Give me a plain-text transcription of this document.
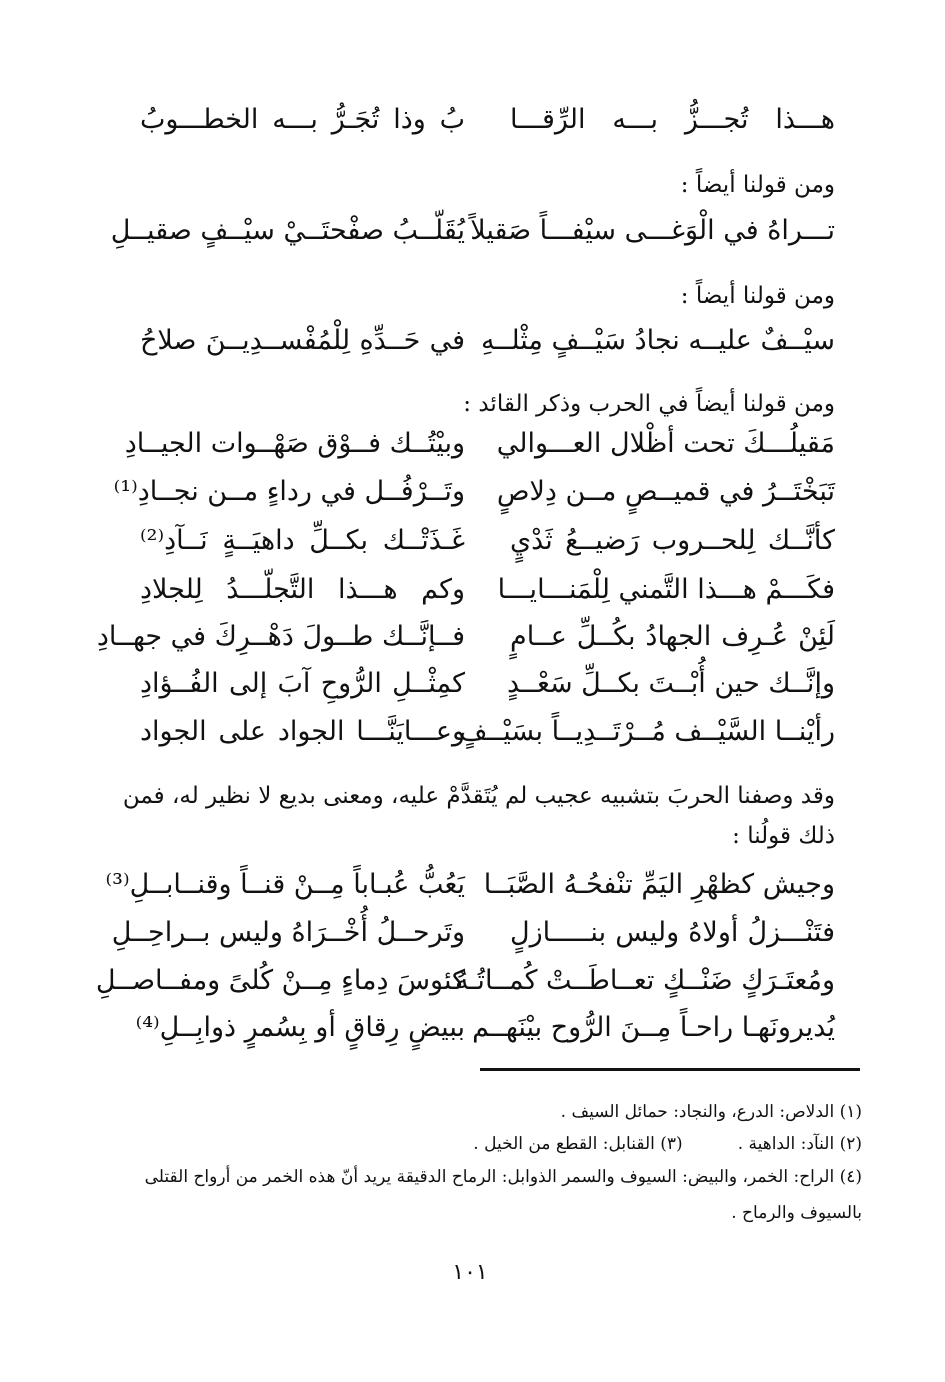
هـــذا تُجـــزُّ بـــه الرِّقـــا
بُ وذا تُجَـرُّ بـــه الخطـــوبُ
ومن قولنا أيضاً :
تـــراهُ في الْوَغـــى سيْفـــاً صَقيلاً
يُقَلّــبُ صفْحتَــيْ سيْــفٍ صقيــلِ
ومن قولنا أيضاً :
سيْــفٌ عليــه نجادُ سَيْــفٍ مِثْلــهِ
في حَــدِّهِ لِلْمُفْســدِيــنَ صلاحُ
ومن قولنا أيضاً في الحرب وذكر القائد :
مَقيلُـــكَ تحت أظْلال العـــوالي
وبيْتُــك فــوْق صَهْــوات الجيــادِ
تَبَخْتَــرُ في قميــصٍ مــن دِلاصٍ
وتَــرْفُــل في رداءٍ مــن نجــادِ⁽¹⁾
كأنَّــك لِلحــروب رَضيــعُ ثَدْيٍ
غَـذَتْــك بكــلِّ داهيَــةٍ نَــآدِ⁽²⁾
فكَـــمْ هـــذا التَّمني لِلْمَنـــايـــا
وكم هـــذا التَّجلّـــدُ لِلجلادِ
لَئِنْ عُـرِف الجهادُ بكُــلِّ عــامٍ
فــإنَّــك طــولَ دَهْــرِكَ في جهــادِ
وإنَّــك حين أُبْــتَ بكــلِّ سَعْــدٍ
كمِثْــلِ الرُّوحِ آبَ إلى الفُــؤادِ
رأيْنــا السَّيْــف مُــرْتَــدِيــاً بسَيْــفٍ
وعـــايَنَّـــا الجواد على الجواد
وقد وصفنا الحربَ بتشبيه عجيب لم يُتَقدَّمْ عليه، ومعنى بديع لا نظير له، فمن
ذلك قولُنا :
وجيش كظهْرِ اليَمِّ تنْفحُـهُ الصَّبَــا
يَعُبُّ عُبـاباً مِــنْ قنــاً وقنــابــلِ⁽³⁾
فتَنْـــزلُ أولاهُ وليس بنـــــازلٍ
وتَرحــلُ أُخْــرَاهُ وليس بــراحِــلِ
ومُعتَـرَكٍ ضَنْــكٍ تعــاطَــتْ كُمــاتُـهُ
كئوسَ دِماءٍ مِــنْ كُلىً ومفــاصــلِ
يُديرونَهـا راحـاً مِــنَ الرُّوح بيْنَهــم
ببيضٍ رِقاقٍ أو بِسُمرٍ ذوابِــلِ⁽⁴⁾
(١) الدلاص: الدرع، والنجاد: حمائل السيف .
(٢) النآد: الداهية .
(٣) القنابل: القطع من الخيل .
(٤) الراح: الخمر، والبيض: السيوف والسمر الذوابل: الرماح الدقيقة يريد أنّ هذه الخمر من أرواح القتلى
بالسيوف والرماح .
١٠١
